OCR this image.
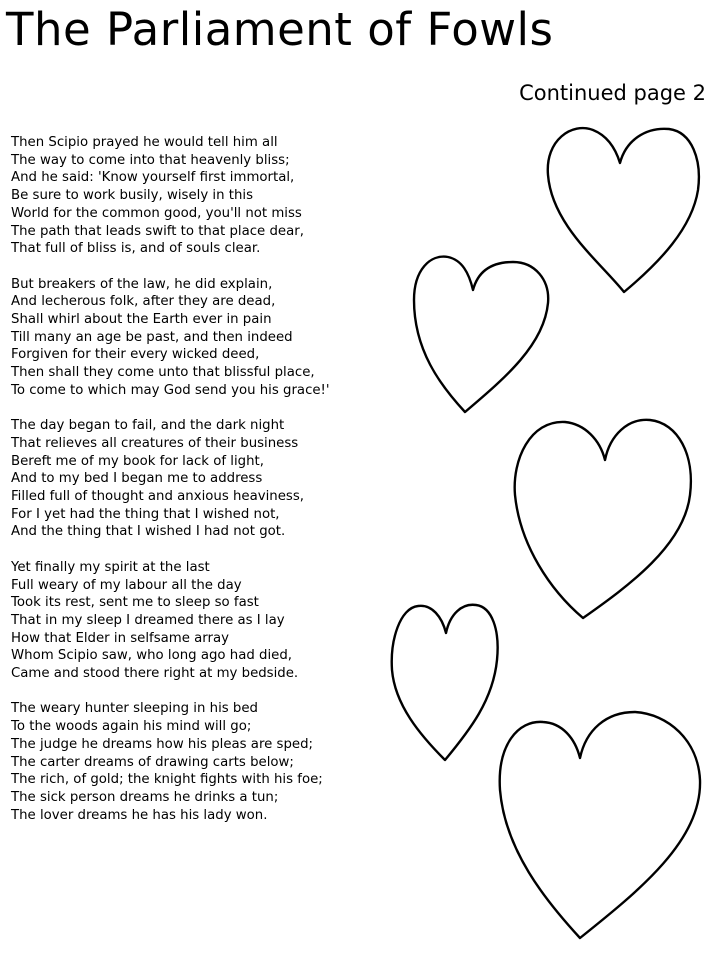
The Parliament of Fowls
Continued page 2
Then Scipio prayed he would tell him all
The way to come into that heavenly bliss;
And he said: 'Know yourself first immortal,
Be sure to work busily, wisely in this
World for the common good, you'll not miss
The path that leads swift to that place dear,
That full of bliss is, and of souls clear.
But breakers of the law, he did explain,
And lecherous folk, after they are dead,
Shall whirl about the Earth ever in pain
Till many an age be past, and then indeed
Forgiven for their every wicked deed,
Then shall they come unto that blissful place,
To come to which may God send you his grace!'
The day began to fail, and the dark night
That relieves all creatures of their business
Bereft me of my book for lack of light,
And to my bed I began me to address
Filled full of thought and anxious heaviness,
For I yet had the thing that I wished not,
And the thing that I wished I had not got.
Yet finally my spirit at the last
Full weary of my labour all the day
Took its rest, sent me to sleep so fast
That in my sleep I dreamed there as I lay
How that Elder in selfsame array
Whom Scipio saw, who long ago had died,
Came and stood there right at my bedside.
The weary hunter sleeping in his bed
To the woods again his mind will go;
The judge he dreams how his pleas are sped;
The carter dreams of drawing carts below;
The rich, of gold; the knight fights with his foe;
The sick person dreams he drinks a tun;
The lover dreams he has his lady won.
